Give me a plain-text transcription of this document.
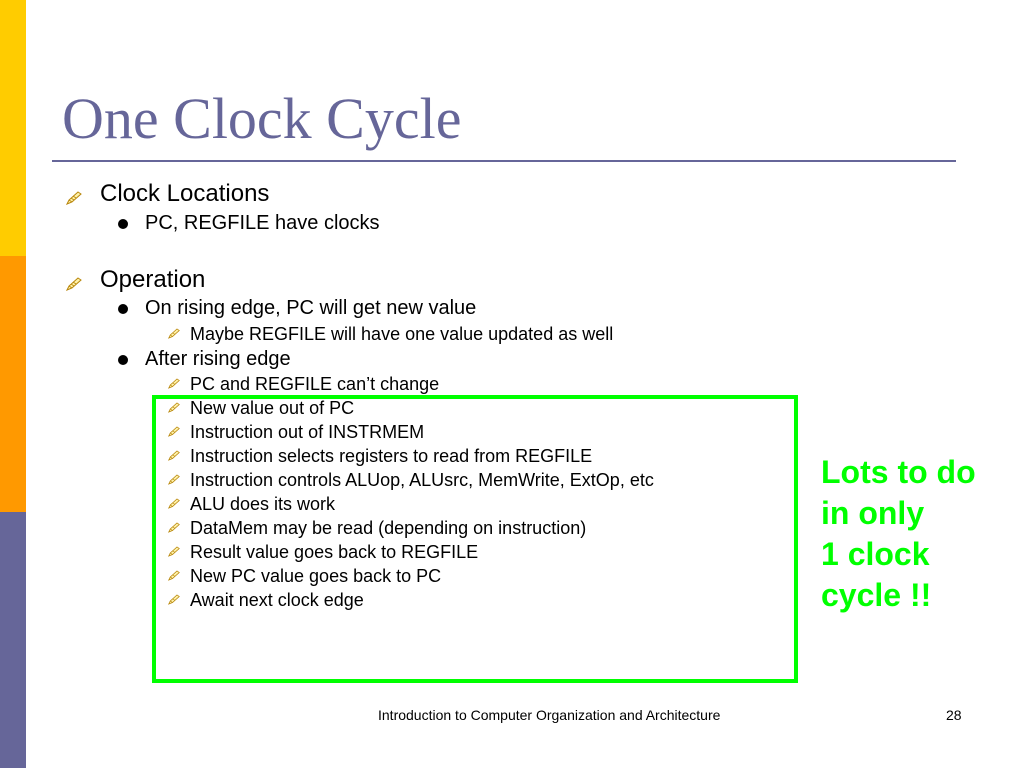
One Clock Cycle
Clock Locations
PC, REGFILE have clocks
Operation
On rising edge, PC will get new value
Maybe REGFILE will have one value updated as well
After rising edge
PC and REGFILE can’t change
New value out of PC
Instruction out of INSTRMEM
Instruction selects registers to read from REGFILE
Instruction controls ALUop, ALUsrc, MemWrite, ExtOp, etc
ALU does its work
DataMem may be read (depending on instruction)
Result value goes back to REGFILE
New PC value goes back to PC
Await next clock edge
Lots to do
in only
1 clock
cycle !!
Introduction to Computer Organization and Architecture	28
